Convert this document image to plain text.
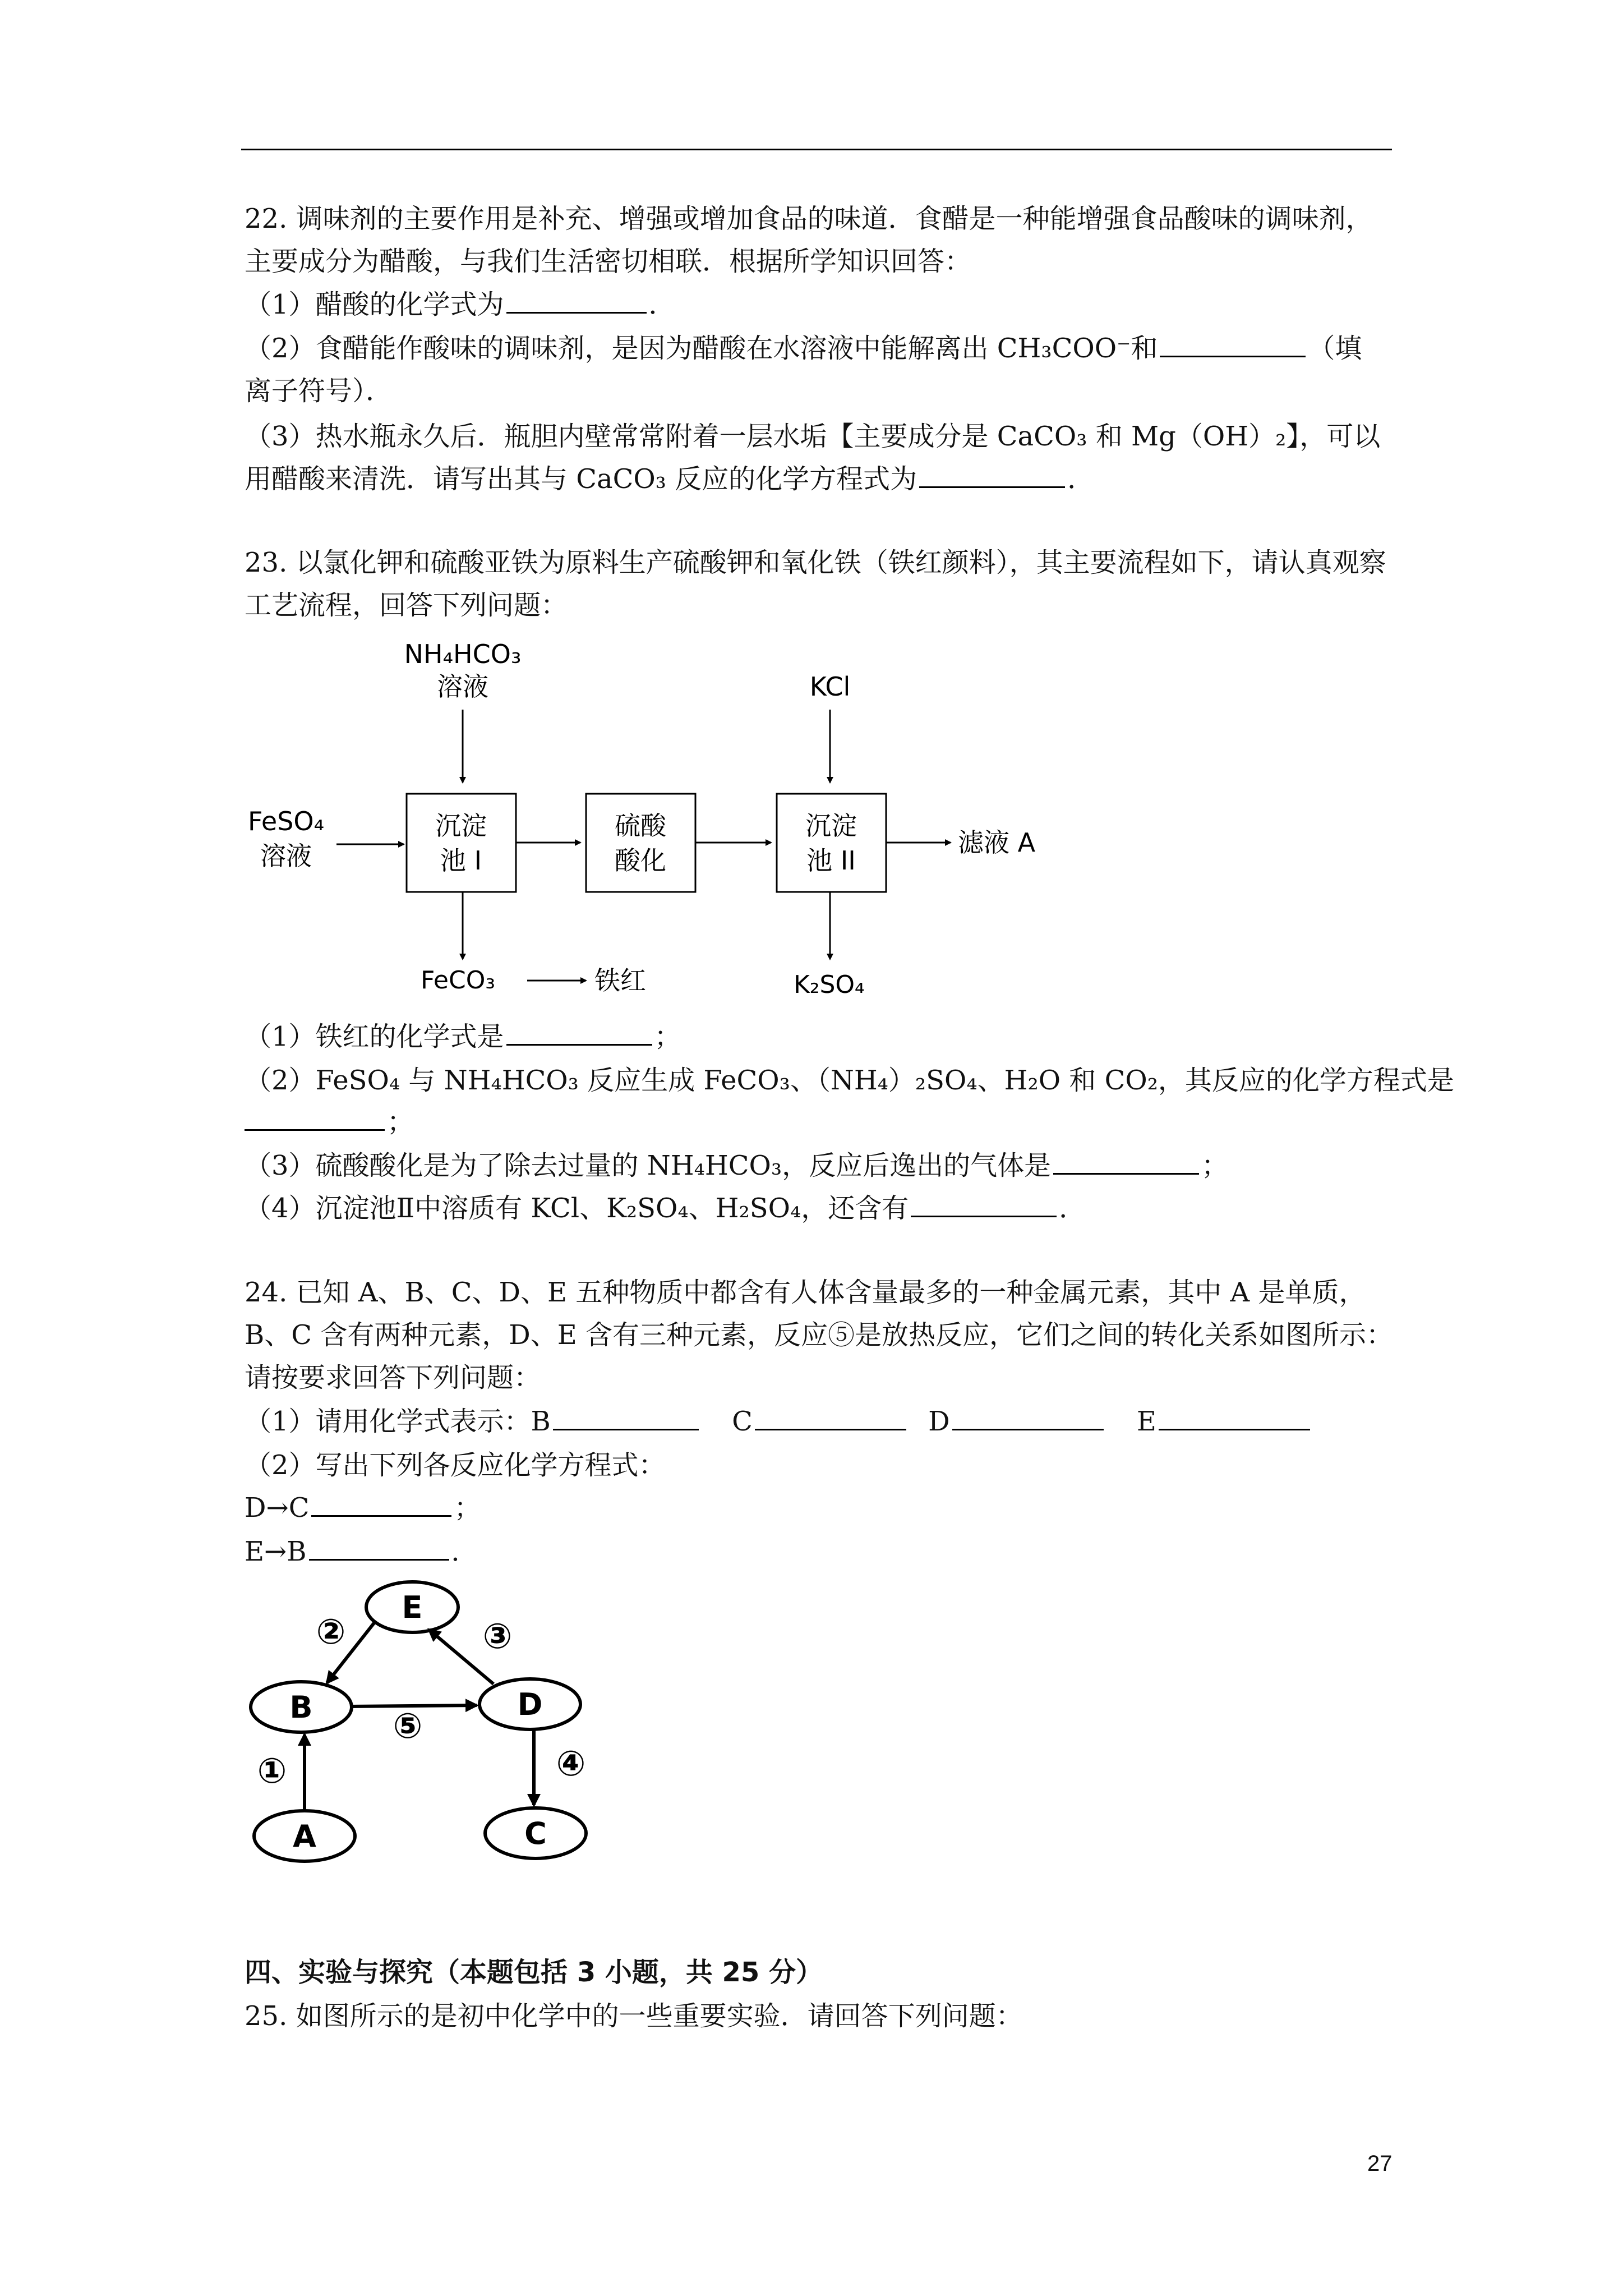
22. 调味剂的主要作用是补充、增强或增加食品的味道．食醋是一种能增强食品酸味的调味剂，主要成分为醋酸，与我们生活密切相联．根据所学知识回答：
（1）醋酸的化学式为	．
（2）食醋能作酸味的调味剂，是因为醋酸在水溶液中能解离出 CH₃COO⁻和	（填
离子符号）．
（3）热水瓶永久后．瓶胆内壁常常附着一层水垢【主要成分是 CaCO₃ 和 Mg（OH）₂】，可以
用醋酸来清洗．请写出其与 CaCO₃ 反应的化学方程式为	．
23. 以氯化钾和硫酸亚铁为原料生产硫酸钾和氧化铁（铁红颜料），其主要流程如下，请认真观察工艺流程，回答下列问题：
NH₄HCO₃
溶液	KCl
FeSO₄
溶液
沉淀
池 I
硫酸
酸化
沉淀
池 II
滤液 A
FeCO₃	铁红	K₂SO₄
（1）铁红的化学式是	；
（2）FeSO₄ 与 NH₄HCO₃ 反应生成 FeCO₃、（NH₄）₂SO₄、H₂O 和 CO₂，其反应的化学方程式是
；
（3）硫酸酸化是为了除去过量的 NH₄HCO₃，反应后逸出的气体是	；
（4）沉淀池Ⅱ中溶质有 KCl、K₂SO₄、H₂SO₄，还含有	．
24. 已知 A、B、C、D、E 五种物质中都含有人体含量最多的一种金属元素，其中 A 是单质，B、C 含有两种元素，D、E 含有三种元素，反应⑤是放热反应，它们之间的转化关系如图所示：请按要求回答下列问题：
（1）请用化学式表示：B	C	D	E
（2）写出下列各反应化学方程式：
D→C	；
E→B	．
E
B	D
A	C
②	③
⑤
①	④
四、实验与探究（本题包括 3 小题，共 25 分）
25. 如图所示的是初中化学中的一些重要实验．请回答下列问题：
27
